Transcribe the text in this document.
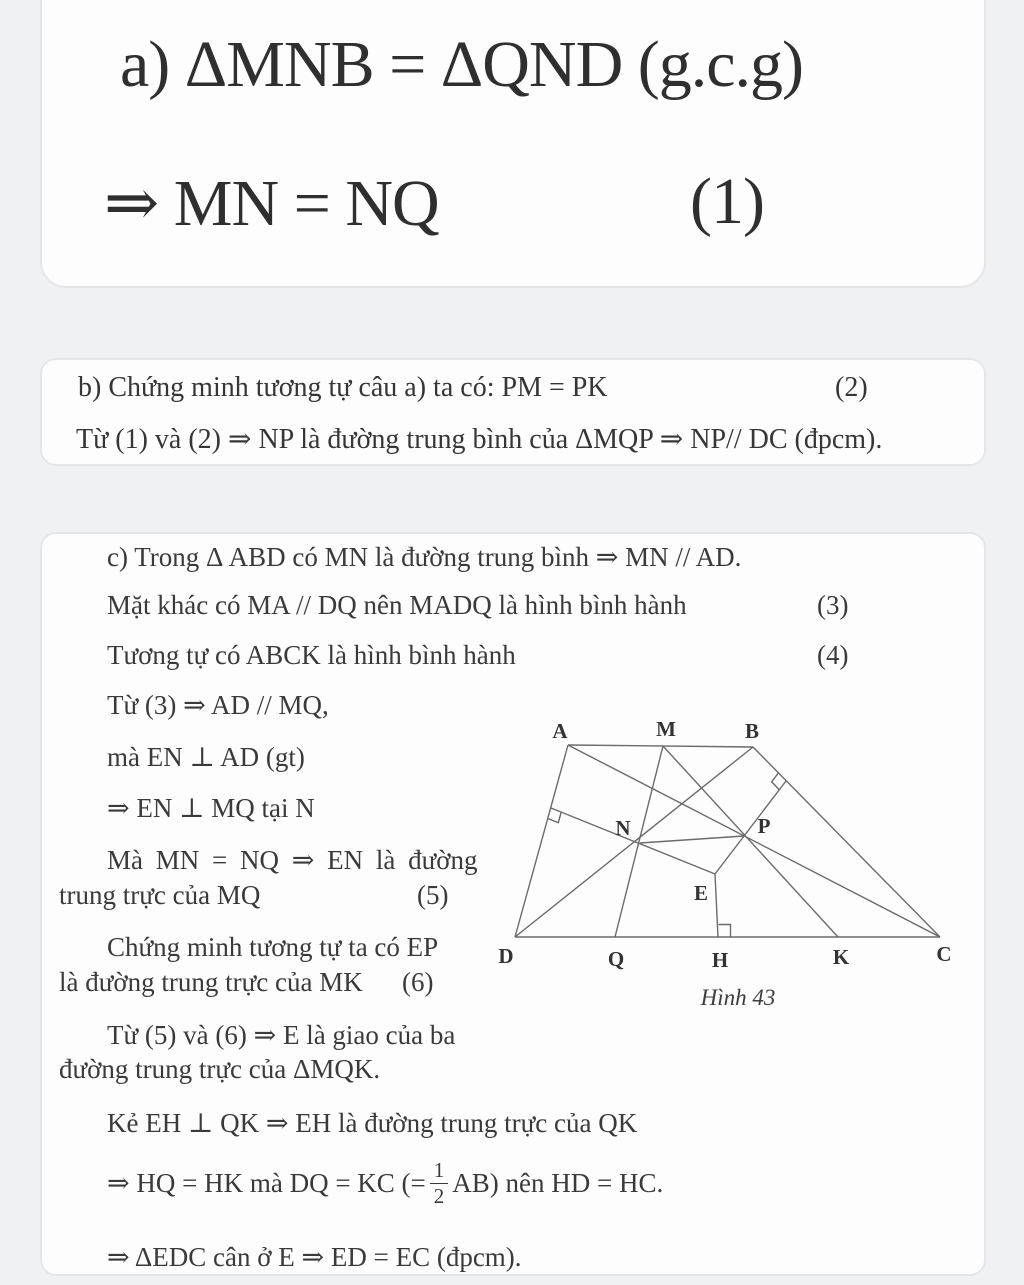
a) ΔMNB = ΔQND (g.c.g)
⇒ MN = NQ	(1)
b) Chứng minh tương tự câu a) ta có: PM = PK	(2)
Từ (1) và (2) ⇒ NP là đường trung bình của ΔMQP ⇒ NP// DC (đpcm).
c) Trong Δ ABD có MN là đường trung bình ⇒ MN // AD.
Mặt khác có MA // DQ nên MADQ là hình bình hành	(3)
Tương tự có ABCK là hình bình hành	(4)
Từ (3) ⇒ AD // MQ,
mà EN ⊥ AD (gt)
⇒ EN ⊥ MQ tại N
Mà MN = NQ ⇒ EN là đường
trung trực của MQ	(5)
Chứng minh tương tự ta có EP
là đường trung trực của MK (6)
Từ (5) và (6) ⇒ E là giao của ba
đường trung trực của ΔMQK.
Kẻ EH ⊥ QK ⇒ EH là đường trung trực của QK
⇒ HQ = HK mà DQ = KC (= $\frac{1}{2} AB$) nên HD = HC.
⇒ ΔEDC cân ở E ⇒ ED = EC (đpcm).
A	M	B
N	P
E
D	Q	H	K	C
Hình 43
